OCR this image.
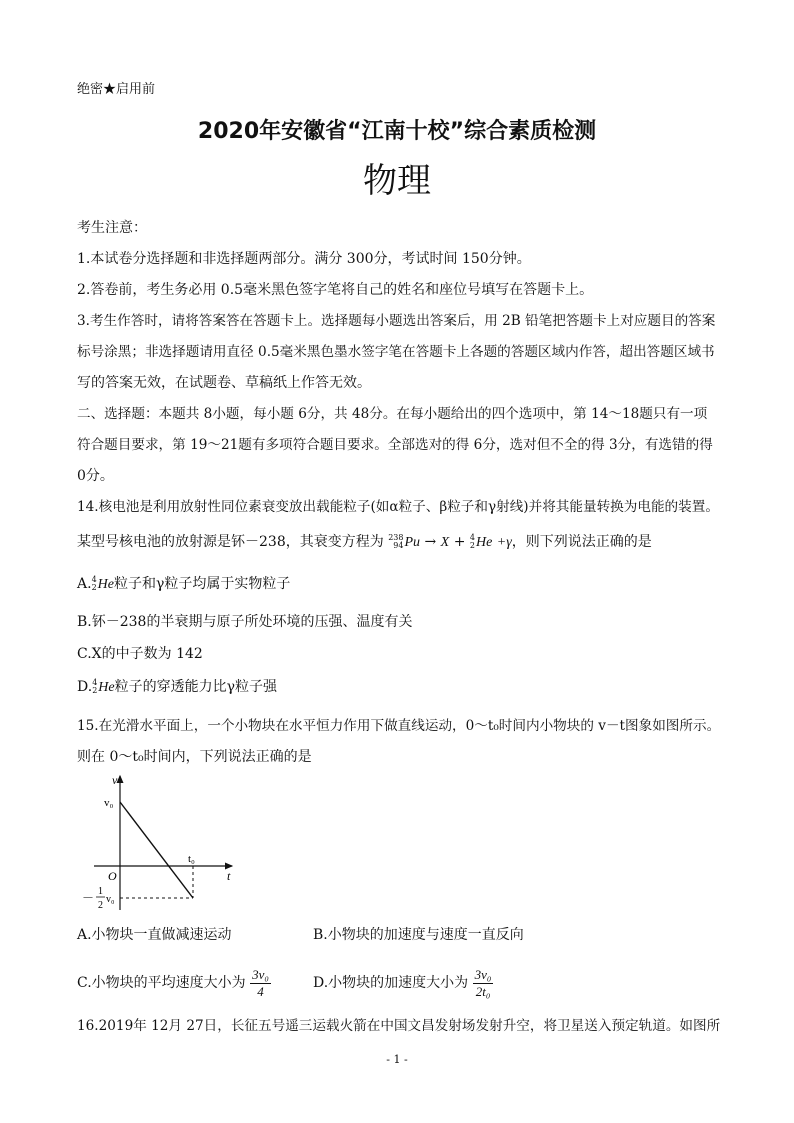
绝密★启用前
2020年安徽省“江南十校”综合素质检测
物理
考生注意：
1.本试卷分选择题和非选择题两部分。满分 300分，考试时间 150分钟。
2.答卷前，考生务必用 0.5毫米黑色签字笔将自己的姓名和座位号填写在答题卡上。
3.考生作答时，请将答案答在答题卡上。选择题每小题选出答案后，用 2B 铅笔把答题卡上对应题目的答案
标号涂黑；非选择题请用直径 0.5毫米黑色墨水签字笔在答题卡上各题的答题区域内作答，超出答题区域书
写的答案无效，在试题卷、草稿纸上作答无效。
二、选择题：本题共 8小题，每小题 6分，共 48分。在每小题给出的四个选项中，第 14～18题只有一项
符合题目要求，第 19～21题有多项符合题目要求。全部选对的得 6分，选对但不全的得 3分，有选错的得
0分。
14.核电池是利用放射性同位素衰变放出载能粒子(如α粒子、β粒子和γ射线)并将其能量转换为电能的装置。
某型号核电池的放射源是钚－238，其衰变方程为 238
94 Pu → X + 4
2 He +γ，则下列说法正确的是
A. 4
2 He粒子和γ粒子均属于实物粒子
B.钚－238的半衰期与原子所处环境的压强、温度有关
C.X的中子数为 142
D. 4
2 He粒子的穿透能力比γ粒子强
15.在光滑水平面上，一个小物块在水平恒力作用下做直线运动，0～t₀时间内小物块的 v－t图象如图所示。
则在 0～t₀时间内，下列说法正确的是
v
t
O
v₀
t₀
－ 1
2
v₀
A.小物块一直做减速运动	B.小物块的加速度与速度一直反向
C.小物块的平均速度大小为 $\frac{\text{3v₀}}{4}$	D.小物块的加速度大小为 $\frac{\text{3v₀}}{\text{2t₀}}$
16.2019年 12月 27日，长征五号遥三运载火箭在中国文昌发射场发射升空，将卫星送入预定轨道。如图所
- 1 -
